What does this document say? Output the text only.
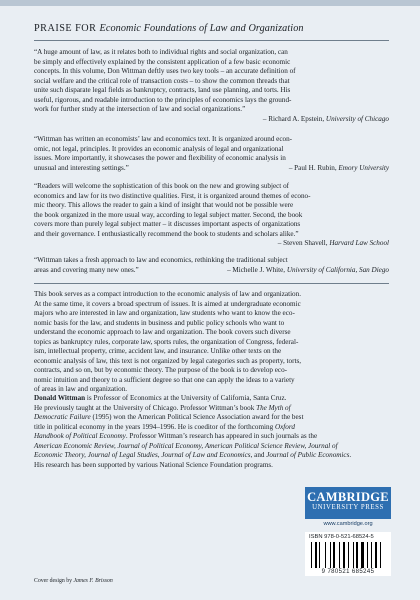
PRAISE FOR Economic Foundations of Law and Organization
“A huge amount of law, as it relates both to individual rights and social organization, can
be simply and effectively explained by the consistent application of a few basic economic
concepts. In this volume, Don Wittman deftly uses two key tools – an accurate definition of
social welfare and the critical role of transaction costs – to show the common threads that
unite such disparate legal fields as bankruptcy, contracts, land use planning, and torts. His
useful, rigorous, and readable introduction to the principles of economics lays the ground-
work for further study at the intersection of law and social organizations.”
– Richard A. Epstein, University of Chicago
“Wittman has written an economists’ law and economics text. It is organized around econ-
omic, not legal, principles. It provides an economic analysis of legal and organizational
issues. More importantly, it showcases the power and flexibility of economic analysis in
unusual and interesting settings.”	– Paul H. Rubin, Emory University
“Readers will welcome the sophistication of this book on the new and growing subject of
economics and law for its two distinctive qualities. First, it is organized around themes of econo-
mic theory. This allows the reader to gain a kind of insight that would not be possible were
the book organized in the more usual way, according to legal subject matter. Second, the book
covers more than purely legal subject matter – it discusses important aspects of organizations
and their governance. I enthusiastically recommend the book to students and scholars alike.”
– Steven Shavell, Harvard Law School
“Wittman takes a fresh approach to law and economics, rethinking the traditional subject
areas and covering many new ones.”	– Michelle J. White, University of California, San Diego
This book serves as a compact introduction to the economic analysis of law and organization.
At the same time, it covers a broad spectrum of issues. It is aimed at undergraduate economic
majors who are interested in law and organization, law students who want to know the eco-
nomic basis for the law, and students in business and public policy schools who want to
understand the economic approach to law and organization. The book covers such diverse
topics as bankruptcy rules, corporate law, sports rules, the organization of Congress, federal-
ism, intellectual property, crime, accident law, and insurance. Unlike other texts on the
economic analysis of law, this text is not organized by legal categories such as property, torts,
contracts, and so on, but by economic theory. The purpose of the book is to develop eco-
nomic intuition and theory to a sufficient degree so that one can apply the ideas to a variety
of areas in law and organization.
Donald Wittman is Professor of Economics at the University of California, Santa Cruz.
He previously taught at the University of Chicago. Professor Wittman’s book The Myth of
Democratic Failure (1995) won the American Political Science Association award for the best
title in political economy in the years 1994–1996. He is coeditor of the forthcoming Oxford
Handbook of Political Economy. Professor Wittman’s research has appeared in such journals as the
American Economic Review, Journal of Political Economy, American Political Science Review, Journal of
Economic Theory, Journal of Legal Studies, Journal of Law and Economics, and Journal of Public Economics.
His research has been supported by various National Science Foundation programs.
CAMBRIDGE
UNIVERSITY PRESS
www.cambridge.org
ISBN 978-0-521-68524-5
9 780521 685245
Cover design by James F. Brisson
